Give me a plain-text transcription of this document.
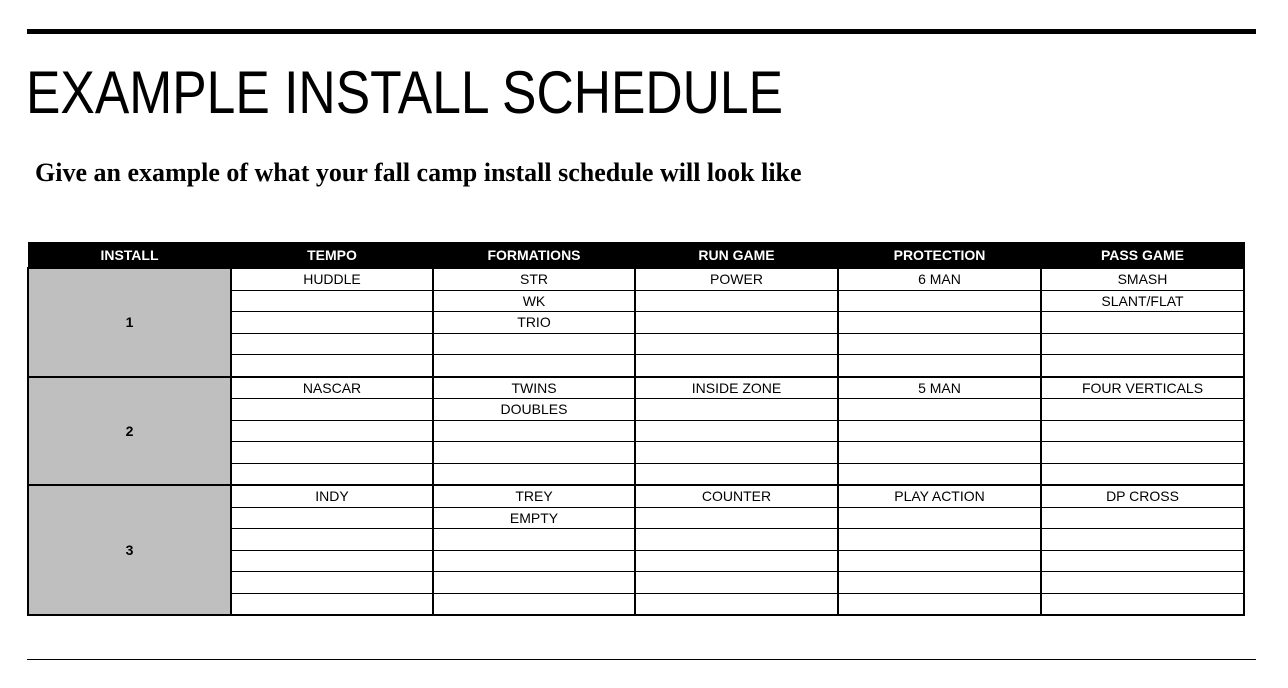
EXAMPLE INSTALL SCHEDULE

Give an example of what your fall camp install schedule will look like

INSTALL	TEMPO	FORMATIONS	RUN GAME	PROTECTION	PASS GAME
1	HUDDLE	STR	POWER	6 MAN	SMASH
		WK			SLANT/FLAT
		TRIO			

2	NASCAR	TWINS	INSIDE ZONE	5 MAN	FOUR VERTICALS
		DOUBLES			

3	INDY	TREY	COUNTER	PLAY ACTION	DP CROSS
		EMPTY			
